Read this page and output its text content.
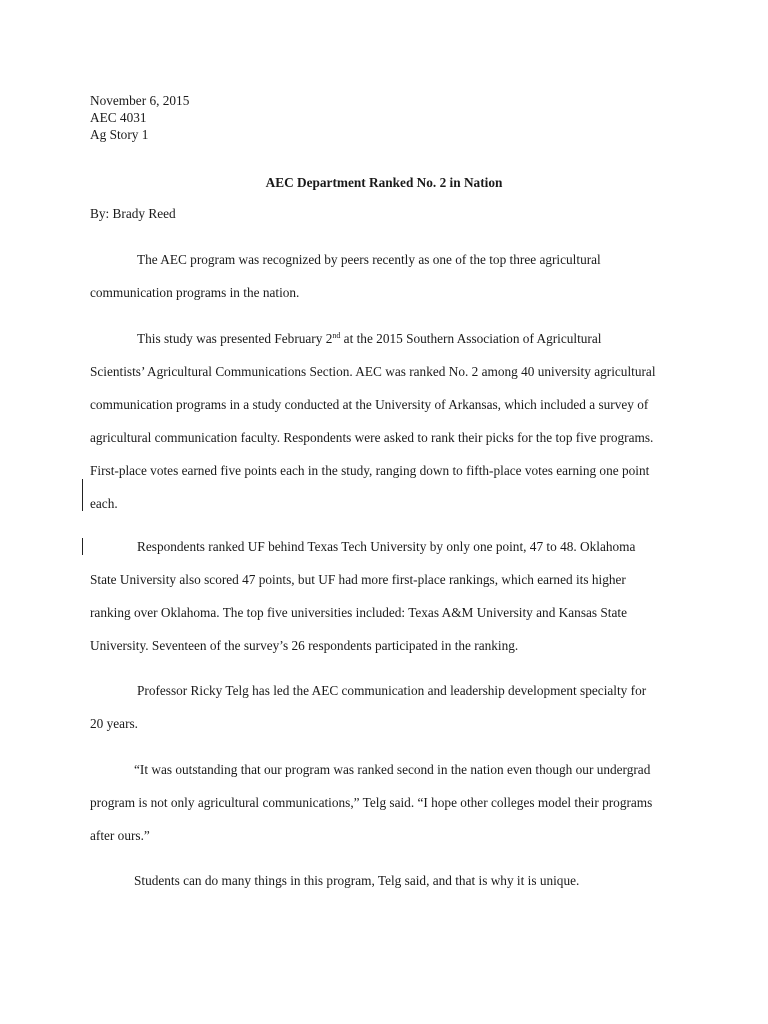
November 6, 2015
AEC 4031
Ag Story 1
AEC Department Ranked No. 2 in Nation
By: Brady Reed
The AEC program was recognized by peers recently as one of the top three agricultural
communication programs in the nation.
This study was presented February 2nd at the 2015 Southern Association of Agricultural
Scientists’ Agricultural Communications Section. AEC was ranked No. 2 among 40 university agricultural
communication programs in a study conducted at the University of Arkansas, which included a survey of
agricultural communication faculty. Respondents were asked to rank their picks for the top five programs.
First-place votes earned five points each in the study, ranging down to fifth-place votes earning one point
each.
Respondents ranked UF behind Texas Tech University by only one point, 47 to 48. Oklahoma
State University also scored 47 points, but UF had more first-place rankings, which earned its higher
ranking over Oklahoma. The top five universities included: Texas A&M University and Kansas State
University. Seventeen of the survey’s 26 respondents participated in the ranking.
Professor Ricky Telg has led the AEC communication and leadership development specialty for
20 years.
“It was outstanding that our program was ranked second in the nation even though our undergrad
program is not only agricultural communications,” Telg said. “I hope other colleges model their programs
after ours.”
Students can do many things in this program, Telg said, and that is why it is unique.
